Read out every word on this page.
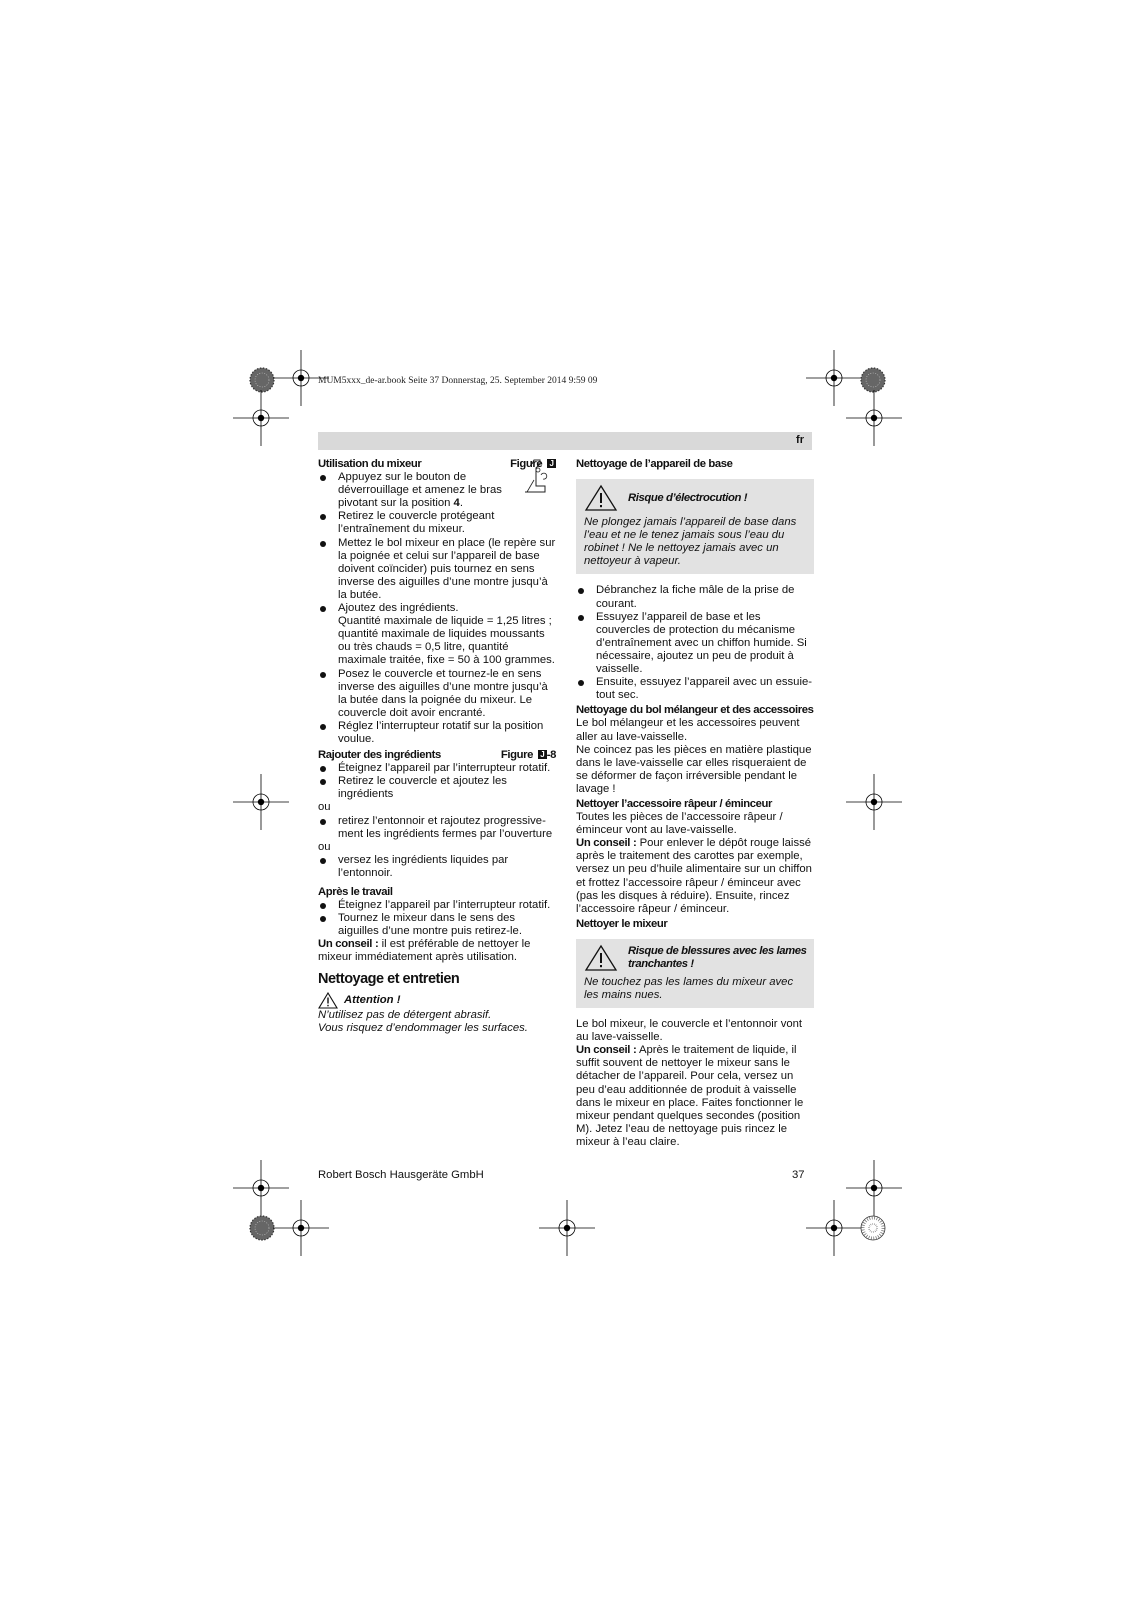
MUM5xxx_de-ar.book Seite 37 Donnerstag, 25. September 2014 9:59 09
fr
Utilisation du mixeur	Figure J
Appuyez sur le bouton de déverrouillage et amenez le bras pivotant sur la position 4.
Retirez le couvercle protégeant l’entraînement du mixeur.
Mettez le bol mixeur en place (le repère sur la poignée et celui sur l’appareil de base doivent coïncider) puis tournez en sens inverse des aiguilles d’une montre jusqu’à la butée.
Ajoutez des ingrédients.
Quantité maximale de liquide = 1,25 litres ; quantité maximale de liquides moussants ou très chauds = 0,5 litre, quantité maximale traitée, fixe = 50 à 100 grammes.
Posez le couvercle et tournez-le en sens inverse des aiguilles d’une montre jusqu’à la butée dans la poignée du mixeur. Le couvercle doit avoir encranté.
Réglez l’interrupteur rotatif sur la position voulue.
Rajouter des ingrédients	Figure J -8
Éteignez l’appareil par l’interrupteur rotatif.
Retirez le couvercle et ajoutez les ingrédients

ou

retirez l’entonnoir et rajoutez progressive-ment les ingrédients fermes par l’ouverture

ou

versez les ingrédients liquides par l’entonnoir.
Après le travail
Éteignez l’appareil par l’interrupteur rotatif.
Tournez le mixeur dans le sens des aiguilles d’une montre puis retirez-le.

Un conseil : il est préférable de nettoyer le mixeur immédiatement après utilisation.

Nettoyage et entretien
Attention !

N’utilisez pas de détergent abrasif.

Vous risquez d’endommager les surfaces.

Nettoyage de l’appareil de base
Risque d’électrocution !

Ne plongez jamais l’appareil de base dans l’eau et ne le tenez jamais sous l’eau du robinet ! Ne le nettoyez jamais avec un nettoyeur à vapeur.

Débranchez la fiche mâle de la prise de courant.
Essuyez l’appareil de base et les couvercles de protection du mécanisme d’entraînement avec un chiffon humide. Si nécessaire, ajoutez un peu de produit à vaisselle.
Ensuite, essuyez l’appareil avec un essuie-tout sec.
Nettoyage du bol mélangeur et des accessoires

Le bol mélangeur et les accessoires peuvent aller au lave-vaisselle.

Ne coincez pas les pièces en matière plastique dans le lave-vaisselle car elles risqueraient de se déformer de façon irréversible pendant le lavage !

Nettoyer l’accessoire râpeur / éminceur

Toutes les pièces de l’accessoire râpeur / éminceur vont au lave-vaisselle.

Un conseil : Pour enlever le dépôt rouge laissé après le traitement des carottes par exemple, versez un peu d’huile alimentaire sur un chiffon et frottez l’accessoire râpeur / éminceur avec (pas les disques à réduire). Ensuite, rincez l’accessoire râpeur / éminceur.

Nettoyer le mixeur
Risque de blessures avec les lames tranchantes !

Ne touchez pas les lames du mixeur avec les mains nues.

Le bol mixeur, le couvercle et l’entonnoir vont au lave-vaisselle.

Un conseil : Après le traitement de liquide, il suffit souvent de nettoyer le mixeur sans le détacher de l’appareil. Pour cela, versez un peu d’eau additionnée de produit à vaisselle dans le mixeur en place. Faites fonctionner le mixeur pendant quelques secondes (position M). Jetez l’eau de nettoyage puis rincez le mixeur à l’eau claire.

Robert Bosch Hausgeräte GmbH	37
